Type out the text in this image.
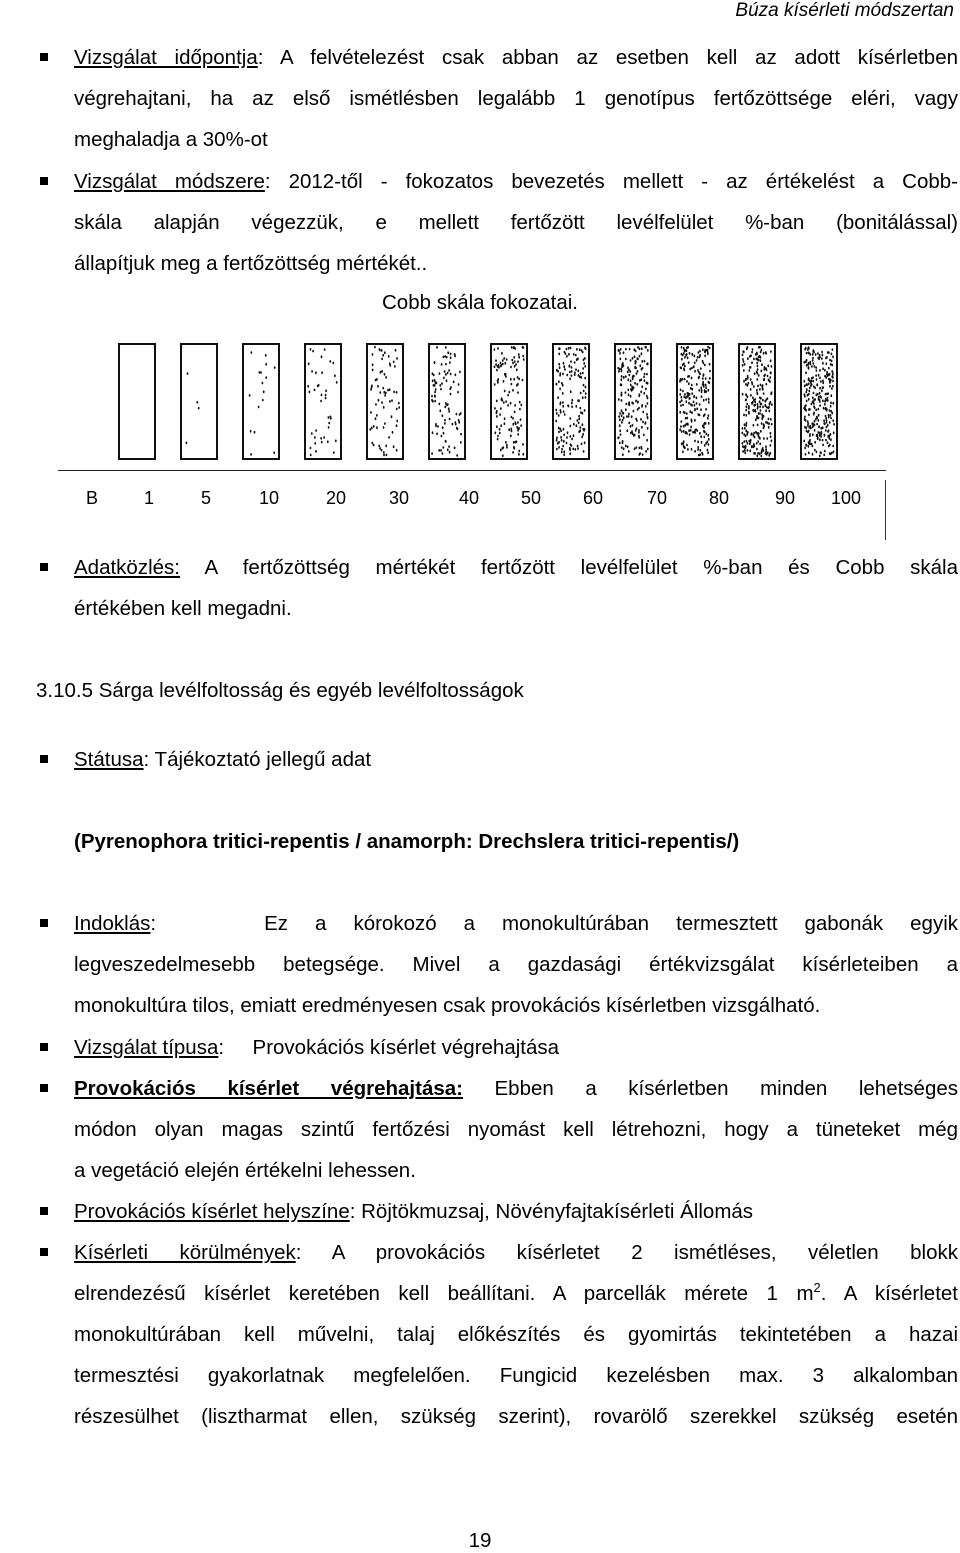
Búza kísérleti módszertan
Vizsgálat időpontja: A felvételezést csak abban az esetben kell az adott kísérletben
végrehajtani, ha az első ismétlésben legalább 1 genotípus fertőzöttsége eléri, vagy
meghaladja a 30%-ot
Vizsgálat módszere: 2012-től - fokozatos bevezetés mellett - az értékelést a Cobb-
skála alapján végezzük, e mellett fertőzött levélfelület %-ban (bonitálással)
állapítjuk meg a fertőzöttség mértékét..
Cobb skála fokozatai.
B	1	5	10	20	30	40	50	60	70	80	90	100
Adatközlés: A fertőzöttség mértékét fertőzött levélfelület %-ban és Cobb skála
értékében kell megadni.
3.10.5 Sárga levélfoltosság és egyéb levélfoltosságok
Státusa: Tájékoztató jellegű adat
(Pyrenophora tritici-repentis / anamorph: Drechslera tritici-repentis/)
Indoklás:    Ez a kórokozó a monokultúrában termesztett gabonák egyik
legveszedelmesebb betegsége. Mivel a gazdasági értékvizsgálat kísérleteiben a
monokultúra tilos, emiatt eredményesen csak provokációs kísérletben vizsgálható.
Vizsgálat típusa:     Provokációs kísérlet végrehajtása
Provokációs kísérlet végrehajtása: Ebben a kísérletben minden lehetséges
módon olyan magas szintű fertőzési nyomást kell létrehozni, hogy a tüneteket még
a vegetáció elején értékelni lehessen.
Provokációs kísérlet helyszíne: Röjtökmuzsaj, Növényfajtakísérleti Állomás
Kísérleti körülmények: A provokációs kísérletet 2 ismétléses, véletlen blokk
elrendezésű kísérlet keretében kell beállítani. A parcellák mérete 1 $m^2$. A kísérletet
monokultúrában kell művelni, talaj előkészítés és gyomirtás tekintetében a hazai
termesztési gyakorlatnak megfelelően. Fungicid kezelésben max. 3 alkalomban
részesülhet (lisztharmat ellen, szükség szerint), rovarölő szerekkel szükség esetén
19
